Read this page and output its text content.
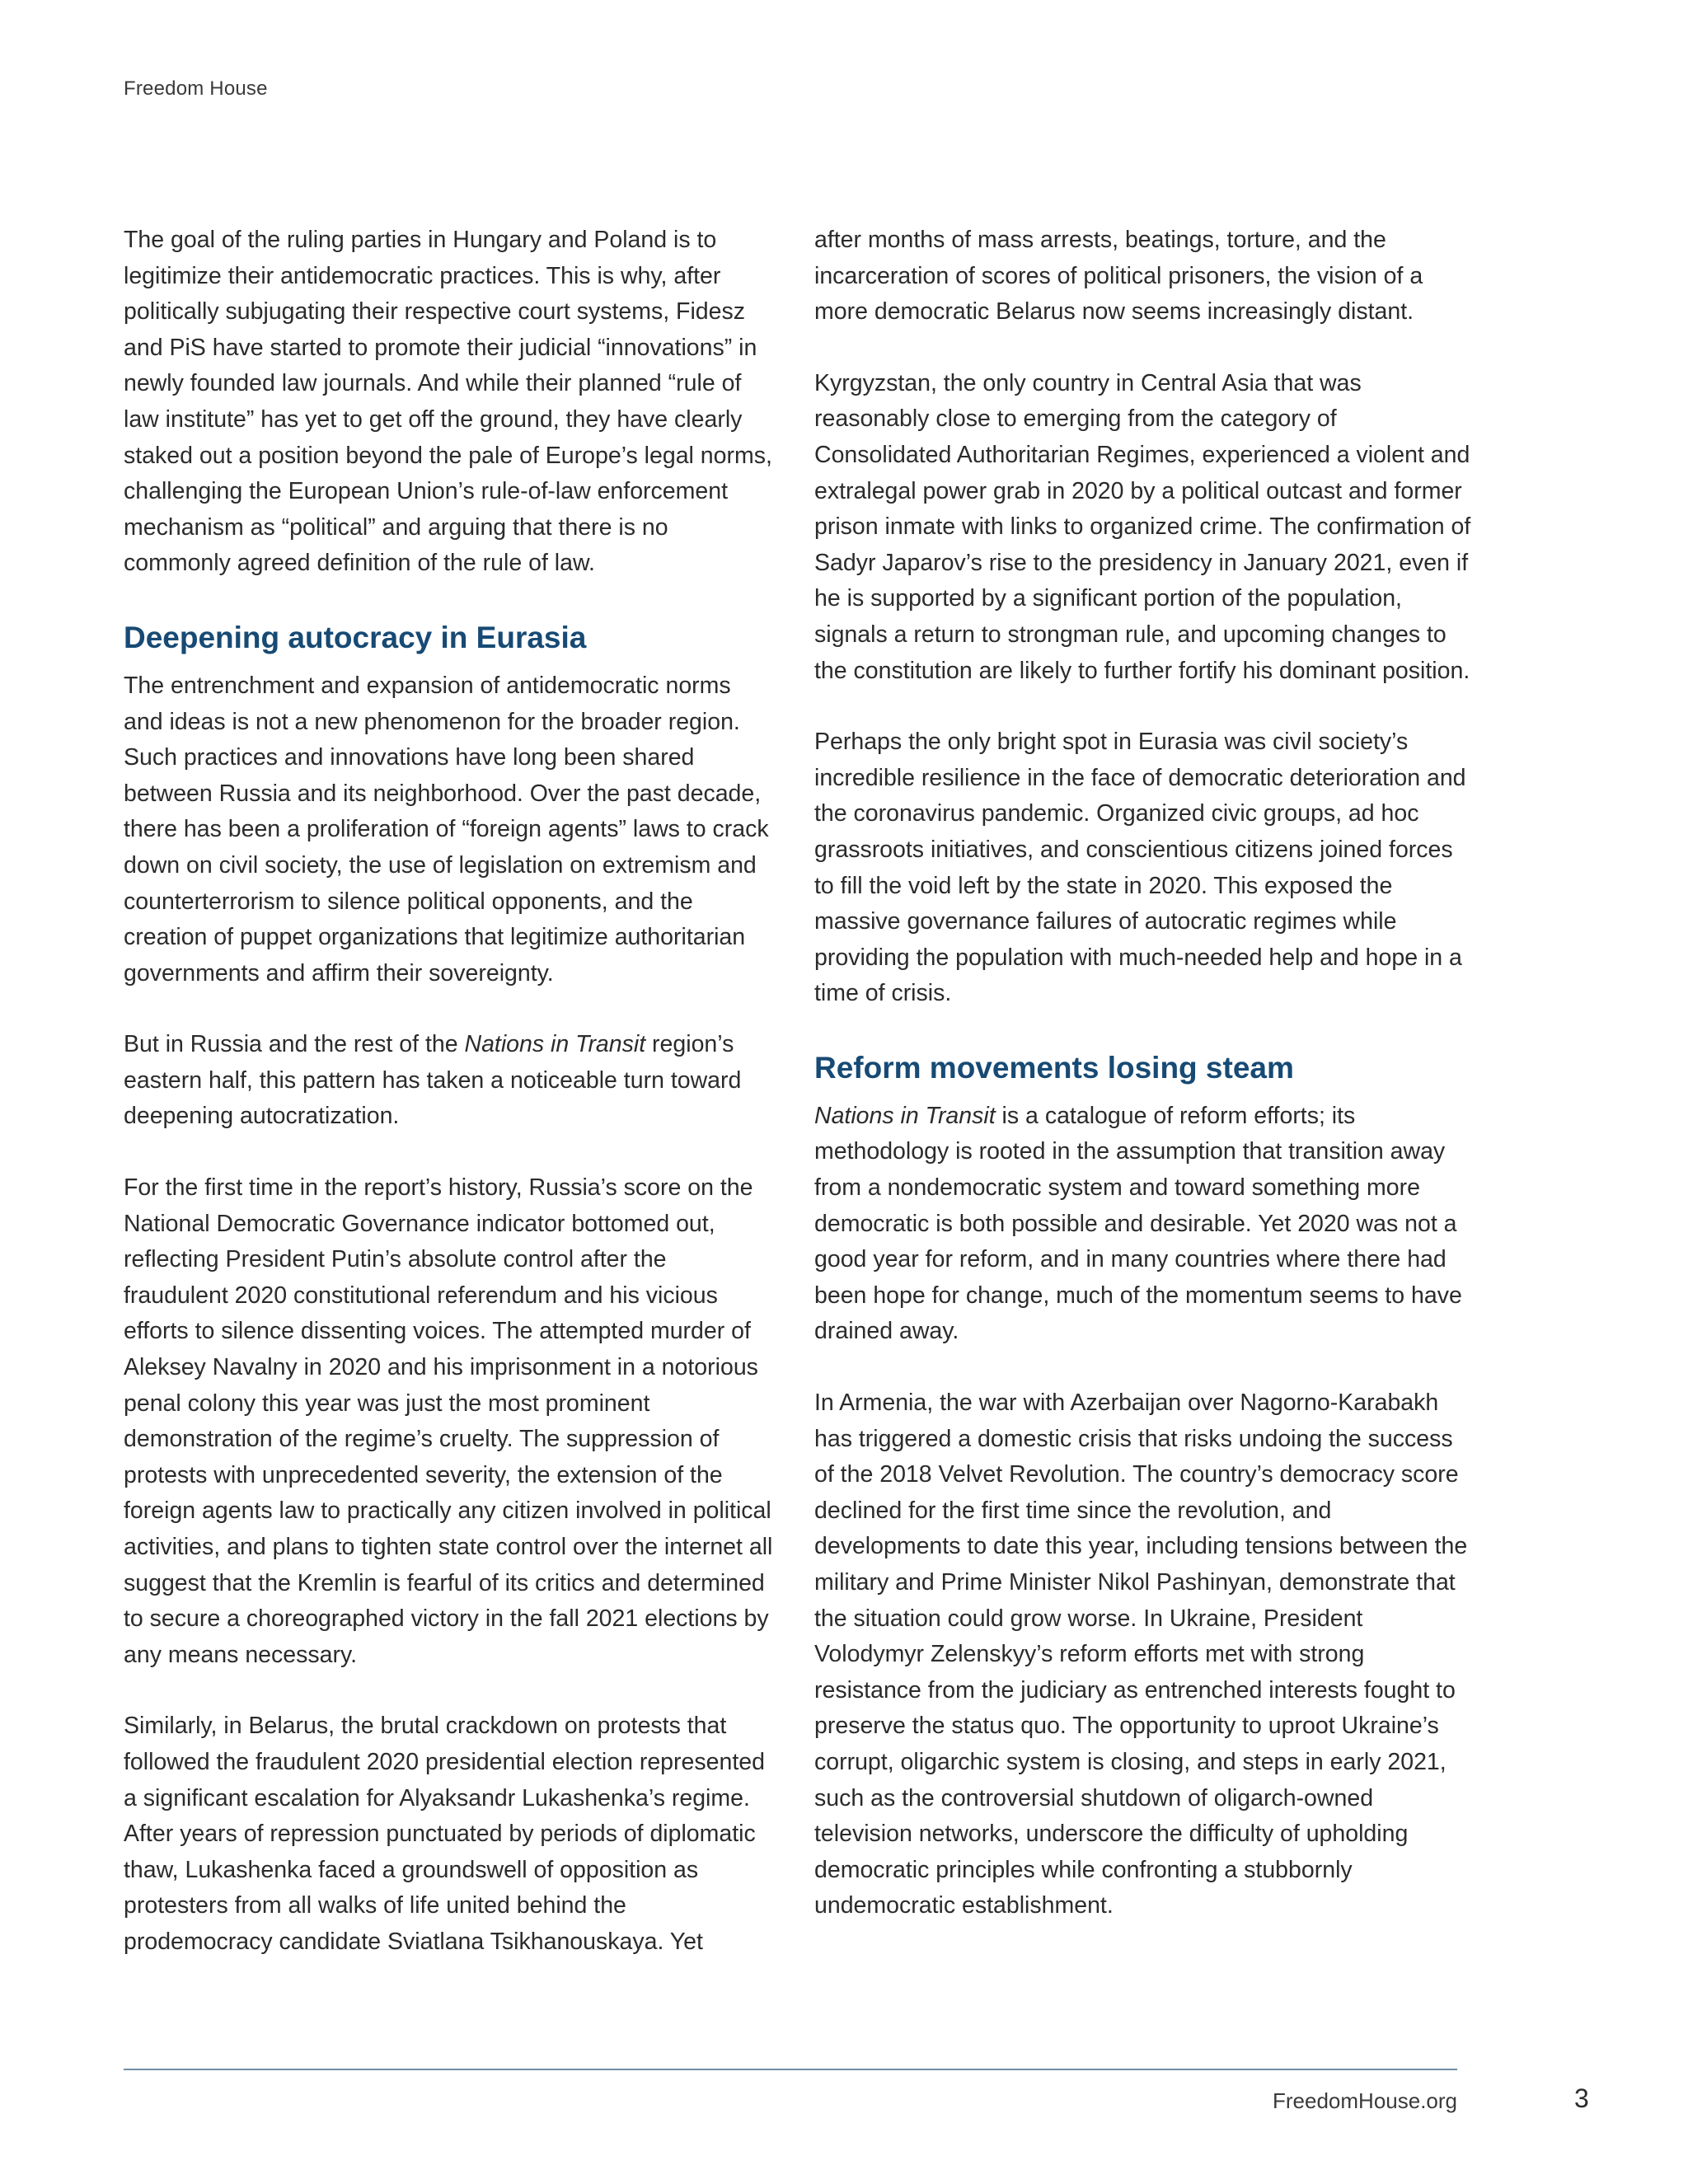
Freedom House

The goal of the ruling parties in Hungary and Poland is to legitimize their antidemocratic practices. This is why, after politically subjugating their respective court systems, Fidesz and PiS have started to promote their judicial “innovations” in newly founded law journals. And while their planned “rule of law institute” has yet to get off the ground, they have clearly staked out a position beyond the pale of Europe’s legal norms, challenging the European Union’s rule-of-law enforcement mechanism as “political” and arguing that there is no commonly agreed definition of the rule of law.

Deepening autocracy in Eurasia

The entrenchment and expansion of antidemocratic norms and ideas is not a new phenomenon for the broader region. Such practices and innovations have long been shared between Russia and its neighborhood. Over the past decade, there has been a proliferation of “foreign agents” laws to crack down on civil society, the use of legislation on extremism and counterterrorism to silence political opponents, and the creation of puppet organizations that legitimize authoritarian governments and affirm their sovereignty.

But in Russia and the rest of the Nations in Transit region’s eastern half, this pattern has taken a noticeable turn toward deepening autocratization.

For the first time in the report’s history, Russia’s score on the National Democratic Governance indicator bottomed out, reflecting President Putin’s absolute control after the fraudulent 2020 constitutional referendum and his vicious efforts to silence dissenting voices. The attempted murder of Aleksey Navalny in 2020 and his imprisonment in a notorious penal colony this year was just the most prominent demonstration of the regime’s cruelty. The suppression of protests with unprecedented severity, the extension of the foreign agents law to practically any citizen involved in political activities, and plans to tighten state control over the internet all suggest that the Kremlin is fearful of its critics and determined to secure a choreographed victory in the fall 2021 elections by any means necessary.

Similarly, in Belarus, the brutal crackdown on protests that followed the fraudulent 2020 presidential election represented a significant escalation for Alyaksandr Lukashenka’s regime. After years of repression punctuated by periods of diplomatic thaw, Lukashenka faced a groundswell of opposition as protesters from all walks of life united behind the prodemocracy candidate Sviatlana Tsikhanouskaya. Yet

after months of mass arrests, beatings, torture, and the incarceration of scores of political prisoners, the vision of a more democratic Belarus now seems increasingly distant.

Kyrgyzstan, the only country in Central Asia that was reasonably close to emerging from the category of Consolidated Authoritarian Regimes, experienced a violent and extralegal power grab in 2020 by a political outcast and former prison inmate with links to organized crime. The confirmation of Sadyr Japarov’s rise to the presidency in January 2021, even if he is supported by a significant portion of the population, signals a return to strongman rule, and upcoming changes to the constitution are likely to further fortify his dominant position.

Perhaps the only bright spot in Eurasia was civil society’s incredible resilience in the face of democratic deterioration and the coronavirus pandemic. Organized civic groups, ad hoc grassroots initiatives, and conscientious citizens joined forces to fill the void left by the state in 2020. This exposed the massive governance failures of autocratic regimes while providing the population with much-needed help and hope in a time of crisis.

Reform movements losing steam

Nations in Transit is a catalogue of reform efforts; its methodology is rooted in the assumption that transition away from a nondemocratic system and toward something more democratic is both possible and desirable. Yet 2020 was not a good year for reform, and in many countries where there had been hope for change, much of the momentum seems to have drained away.

In Armenia, the war with Azerbaijan over Nagorno-Karabakh has triggered a domestic crisis that risks undoing the success of the 2018 Velvet Revolution. The country’s democracy score declined for the first time since the revolution, and developments to date this year, including tensions between the military and Prime Minister Nikol Pashinyan, demonstrate that the situation could grow worse. In Ukraine, President Volodymyr Zelenskyy’s reform efforts met with strong resistance from the judiciary as entrenched interests fought to preserve the status quo. The opportunity to uproot Ukraine’s corrupt, oligarchic system is closing, and steps in early 2021, such as the controversial shutdown of oligarch-owned television networks, underscore the difficulty of upholding democratic principles while confronting a stubbornly undemocratic establishment.

FreedomHouse.org	3
